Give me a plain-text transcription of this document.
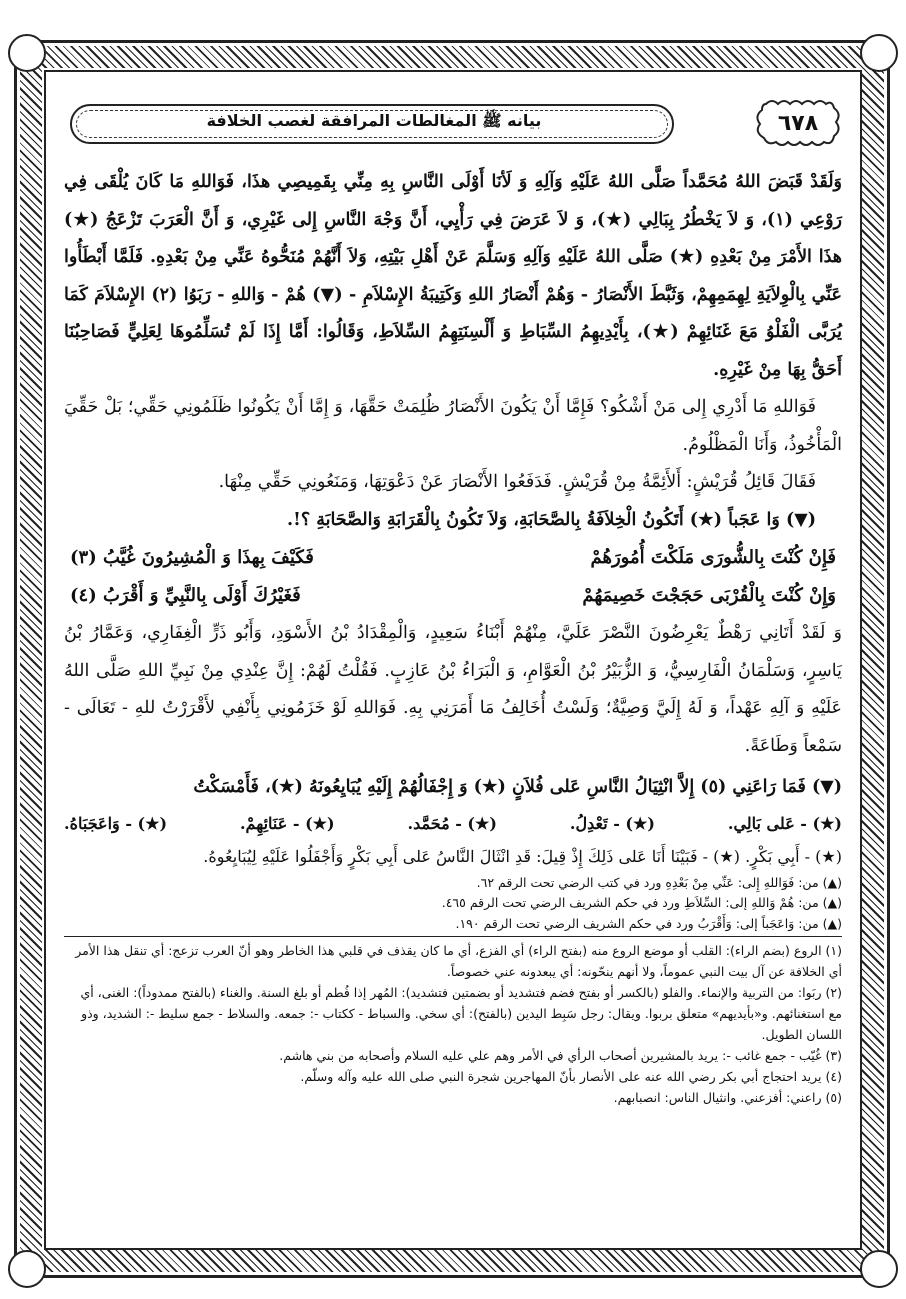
بيانه ﷺ المغالطات المرافقة لغصب الخلافة	٦٧٨

وَلَقَدْ قَبَضَ اللهُ مُحَمَّداً صَلَّى اللهُ عَلَيْهِ وَآلِهِ وَ لَأنَا أَوْلَى النَّاسِ بِهِ مِنِّي بِقَمِيصِي هذَا، فَوَاللهِ مَا كَانَ يُلْقَى فِي رَوْعِي (١)، وَ لاَ يَخْطُرُ بِبَالِي (★)، وَ لاَ عَرَضَ فِي رَأْيِي، أَنَّ وَجْهَ النَّاسِ إِلى غَيْرِي، وَ أَنَّ الْعَرَبَ تَزْعَجُ (★) هذَا الأَمْرَ مِنْ بَعْدِهِ (★) صَلَّى اللهُ عَلَيْهِ وَآلِهِ وَسَلَّمَ عَنْ أَهْلِ بَيْتِهِ، وَلاَ أَنَّهُمْ مُنَحُّوهُ عَنِّي مِنْ بَعْدِهِ. فَلَمَّا أَبْطَأُوا عَنِّي بِالْوِلاَيَةِ لِهِمَمِهِمْ، وَثَبَّطَ الأَنْصَارُ - وَهُمْ أَنْصَارُ اللهِ وَكَتِيبَةُ الإِسْلاَمِ - (▼) هُمْ - وَاللهِ - رَبَوُا (٢) الإِسْلاَمَ كَمَا يُرَبَّى الْفَلْوُ مَعَ غَنَائِهِمْ (★)، بِأَيْدِيهِمُ السِّبَاطِ وَ أَلْسِنَتِهِمُ السِّلاَطِ، وَقَالُوا: أَمَّا إِذَا لَمْ تُسَلِّمُوهَا لِعَلِيٍّ فَصَاحِبُنَا أَحَقُّ بِهَا مِنْ غَيْرِهِ.

فَوَاللهِ مَا أَدْرِي إِلى مَنْ أَشْكُو؟ فَإِمَّا أَنْ يَكُونَ الأَنْصَارُ ظُلِمَتْ حَقَّهَا، وَ إِمَّا أَنْ يَكُونُوا ظَلَمُونِي حَقِّي؛ بَلْ حَقِّيَ الْمَأْخُوذُ، وَأَنَا الْمَظْلُومُ.

فَقَالَ قَائِلُ قُرَيْشٍ: أَلأَئِمَّةُ مِنْ قُرَيْشٍ. فَدَفَعُوا الأَنْصَارَ عَنْ دَعْوَتِهَا، وَمَنَعُونِي حَقِّي مِنْهَا.

(▼) وَا عَجَباً (★) أَتَكُونُ الْخِلاَفَةُ بِالصَّحَابَةِ، وَلاَ تَكُونُ بِالْقَرَابَةِ وَالصَّحَابَةِ ؟!.

فَإِنْ كُنْتَ بِالشُّورَى مَلَكْتَ أُمُورَهُمْ
فَكَيْفَ بِهذَا وَ الْمُشِيرُونَ غُيَّبُ (٣)
وَإِنْ كُنْتَ بِالْقُرْبَى حَجَجْتَ خَصِيمَهُمْ
فَغَيْرُكَ أَوْلَى بِالنَّبِيِّ وَ أَقْرَبُ (٤)

وَ لَقَدْ أَتَانِي رَهْطٌ يَعْرِضُونَ النَّصْرَ عَلَيَّ، مِنْهُمْ أَبْنَاءُ سَعِيدٍ، وَالْمِقْدَادُ بْنُ الأَسْوَدِ، وَأَبُو ذَرٍّ الْغِفَارِي، وَعَمَّارُ بْنُ يَاسِرٍ، وَسَلْمَانُ الْفَارِسِيُّ، وَ الزُّبَيْرُ بْنُ الْعَوَّامِ، وَ الْبَرَاءُ بْنُ عَازِبٍ. فَقُلْتُ لَهُمْ: إِنَّ عِنْدِي مِنْ نَبِيِّ اللهِ صَلَّى اللهُ عَلَيْهِ وَ آلِهِ عَهْداً، وَ لَهُ إِلَيَّ وَصِيَّةٌ؛ وَلَسْتُ أُخَالِفُ مَا أَمَرَنِي بِهِ. فَوَاللهِ لَوْ خَزَمُونِي بِأَنْفِي لأَقْرَرْتُ للهِ - تَعَالَى - سَمْعاً وَطَاعَةً.

(▼) فَمَا رَاعَنِي (٥) إِلاَّ انْثِيَالُ النَّاسِ عَلى فُلاَنٍ (★) وَ إِجْفَالُهُمْ إِلَيْهِ يُبَايِعُونَهُ (★)، فَأَمْسَكْتُ

(★) - عَلى بَالِي.
(★) - تَعْدِلُ.
(★) - مُحَمَّد.
(★) - عَنَائِهِمْ.
(★) - وَاعَجَبَاهُ.

(★) - أَبِي بَكْرٍ. (★) - فَبَيْنَا أَنَا عَلى ذَلِكَ إِذْ قِيلَ: قَدِ انْثَالَ النَّاسُ عَلى أَبِي بَكْرٍ وَأَجْفَلُوا عَلَيْهِ لِيُبَايِعُوهُ.

(▲) من: فَوَاللهِ إِلى: عَنِّي مِنْ بَعْدِهِ ورد في كتب الرضي تحت الرقم ٦٢.

(▲) من: هُمْ وَاللهِ إلى: السِّلاَطِ ورد في حكم الشريف الرضي تحت الرقم ٤٦٥.

(▲) من: وَاعَجَباً إلى: وَأَقْرَبُ ورد في حكم الشريف الرضي تحت الرقم ١٩٠.

(١) الروع (بضم الراء): القلب أو موضع الروع منه (بفتح الراء) أي الفزع، أي ما كان يقذف في قلبي هذا الخاطر وهو أنّ العرب تزعج: أي تنقل هذا الأمر أي الخلافة عن آل بيت النبي عموماً، ولا أنهم ينحّونه: أي يبعدونه عني خصوصاً.

(٢) ربَوا: من التربية والإنماء. والفلو (بالكسر أو بفتح فضم فتشديد أو بضمتين فتشديد): المُهر إذا فُطم أو بلغ السنة. والغناء (بالفتح ممدوداً): الغنى، أي مع استغنائهم. و«بأيديهم» متعلق بربوا. ويقال: رجل سَبِط اليدين (بالفتح): أي سخي. والسباط - ككتاب -: جمعه. والسلاط - جمع سليط -: الشديد، وذو اللسان الطويل.

(٣) غُيّب - جمع غائب -: يريد بالمشيرين أصحاب الرأي في الأمر وهم علي عليه السلام وأصحابه من بني هاشم.

(٤) يريد احتجاج أبي بكر رضي الله عنه على الأنصار بأنّ المهاجرين شجرة النبي صلى الله عليه وآله وسلّم.

(٥) راعني: أفزعني. وانثيال الناس: انصبابهم.
